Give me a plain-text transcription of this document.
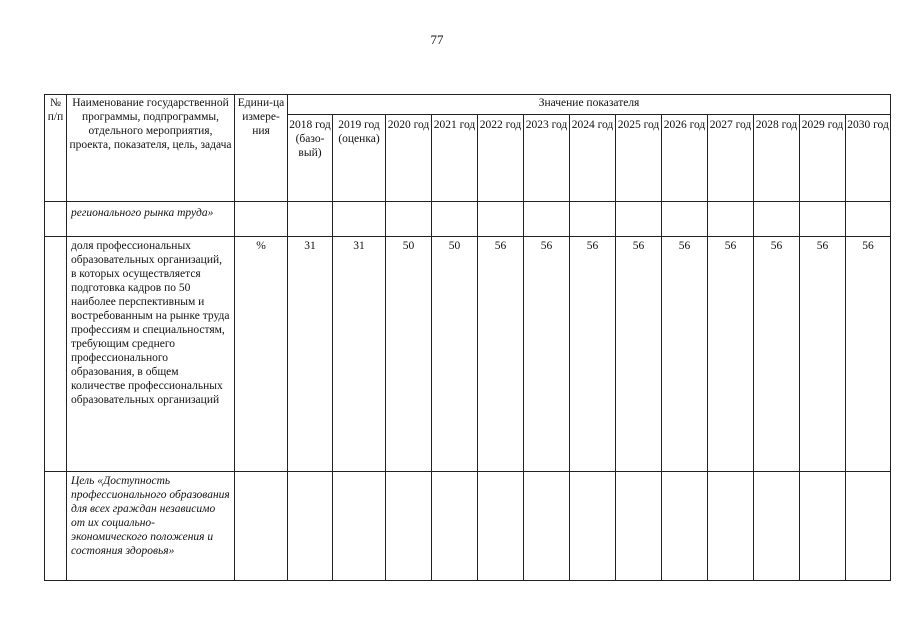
77
№ п/п	Наименование государственной программы, подпрограммы, отдельного мероприятия, проекта, показателя, цель, задача	Едини-ца измере-ния	Значение показателя												
			2018 год (базо-вый)	2019 год (оценка)	2020 год	2021 год	2022 год	2023 год	2024 год	2025 год	2026 год	2027 год	2028 год	2029 год	2030 год
	регионального рынка труда»														
	доля профессиональных образовательных организаций, в которых осуществляется подготовка кадров по 50 наиболее перспективным и востребованным на рынке труда профессиям и специальностям, требующим среднего профессионального образования, в общем количестве профессиональных образовательных организаций	%	31	31	50	50	56	56	56	56	56	56	56	56	56
	Цель «Доступность профессионального образования для всех граждан независимо от их социально-экономического положения и состояния здоровья»														
